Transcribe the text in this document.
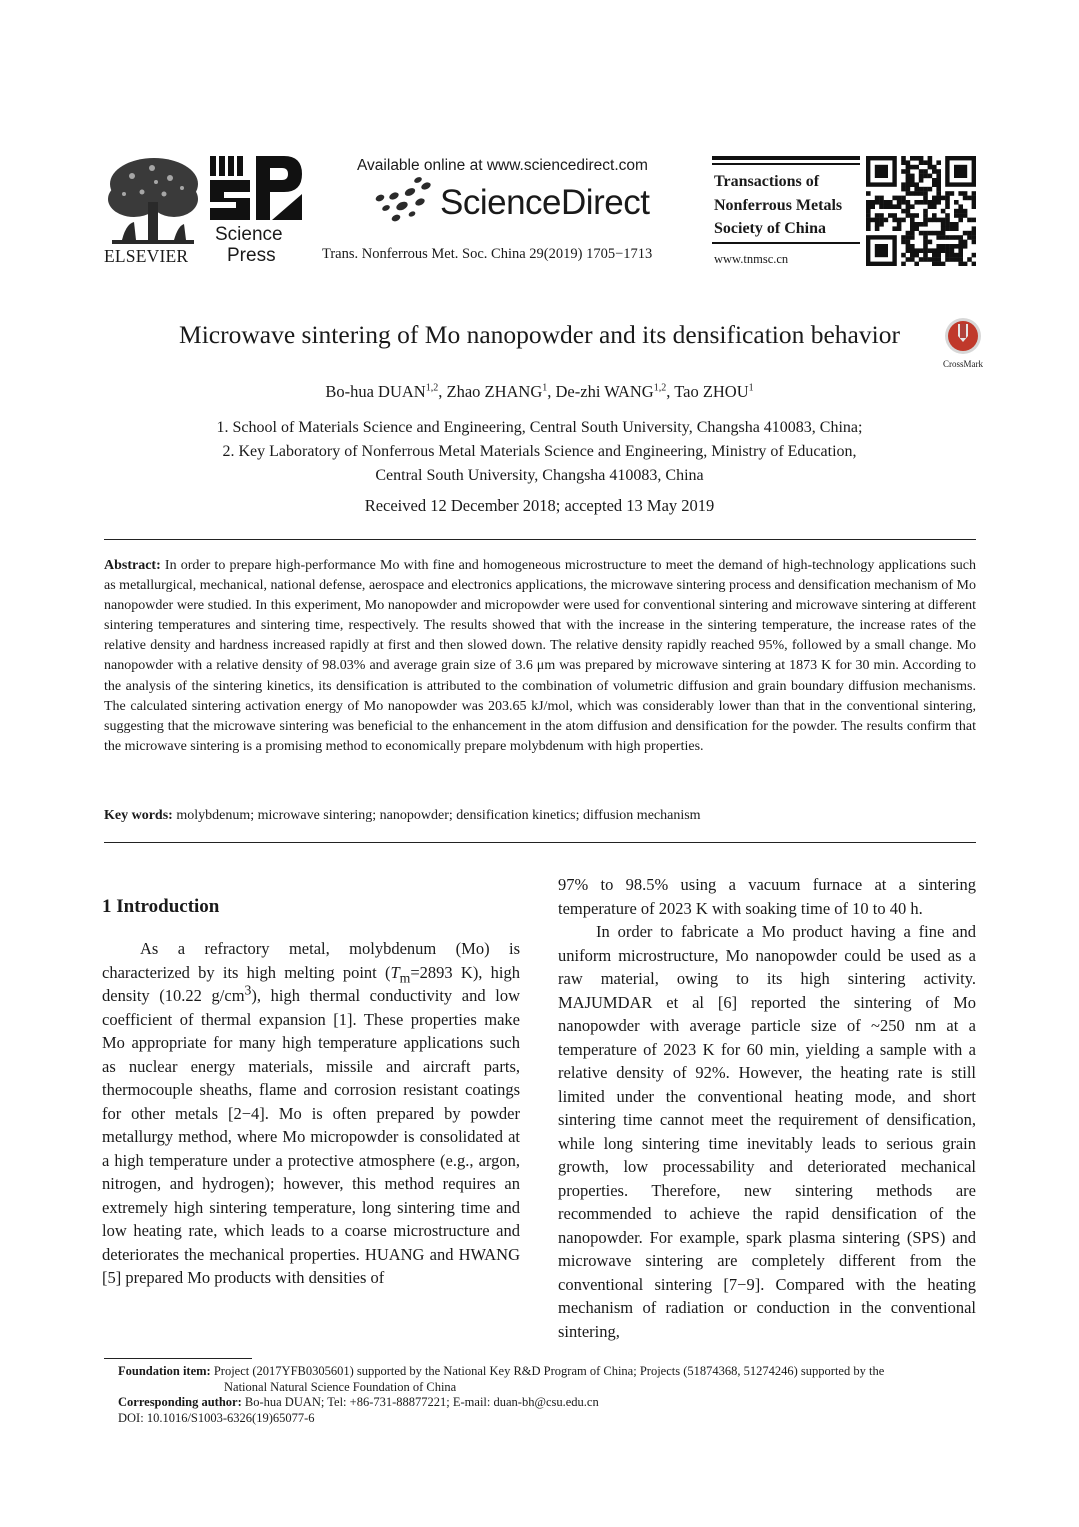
ELSEVIER
Science
Press
Available online at www.sciencedirect.com
ScienceDirect
Trans. Nonferrous Met. Soc. China 29(2019) 1705−1713
Transactions of
Nonferrous Metals
Society of China
www.tnmsc.cn
Microwave sintering of Mo nanopowder and its densification behavior
CrossMark
Bo-hua DUAN$^{1,2}$, Zhao ZHANG$^1$, De-zhi WANG$^{1,2}$, Tao ZHOU$^1$
1. School of Materials Science and Engineering, Central South University, Changsha 410083, China;
2. Key Laboratory of Nonferrous Metal Materials Science and Engineering, Ministry of Education,
Central South University, Changsha 410083, China
Received 12 December 2018; accepted 13 May 2019
Abstract: In order to prepare high-performance Mo with fine and homogeneous microstructure to meet the demand of high-technology applications such as metallurgical, mechanical, national defense, aerospace and electronics applications, the microwave sintering process and densification mechanism of Mo nanopowder were studied. In this experiment, Mo nanopowder and micropowder were used for conventional sintering and microwave sintering at different sintering temperatures and sintering time, respectively. The results showed that with the increase in the sintering temperature, the increase rates of the relative density and hardness increased rapidly at first and then slowed down. The relative density rapidly reached 95%, followed by a small change. Mo nanopowder with a relative density of 98.03% and average grain size of 3.6 μm was prepared by microwave sintering at 1873 K for 30 min. According to the analysis of the sintering kinetics, its densification is attributed to the combination of volumetric diffusion and grain boundary diffusion mechanisms. The calculated sintering activation energy of Mo nanopowder was 203.65 kJ/mol, which was considerably lower than that in the conventional sintering, suggesting that the microwave sintering was beneficial to the enhancement in the atom diffusion and densification for the powder. The results confirm that the microwave sintering is a promising method to economically prepare molybdenum with high properties.
Key words: molybdenum; microwave sintering; nanopowder; densification kinetics; diffusion mechanism
1 Introduction

As a refractory metal, molybdenum (Mo) is characterized by its high melting point ($T_m=2893$ K), high density (10.22 $g/cm^3$), high thermal conductivity and low coefficient of thermal expansion [1]. These properties make Mo appropriate for many high temperature applications such as nuclear energy materials, missile and aircraft parts, thermocouple sheaths, flame and corrosion resistant coatings for other metals [2−4]. Mo is often prepared by powder metallurgy method, where Mo micropowder is consolidated at a high temperature under a protective atmosphere (e.g., argon, nitrogen, and hydrogen); however, this method requires an extremely high sintering temperature, long sintering time and low heating rate, which leads to a coarse microstructure and deteriorates the mechanical properties. HUANG and HWANG [5] prepared Mo products with densities of

97% to 98.5% using a vacuum furnace at a sintering temperature of 2023 K with soaking time of 10 to 40 h.

In order to fabricate a Mo product having a fine and uniform microstructure, Mo nanopowder could be used as a raw material, owing to its high sintering activity. MAJUMDAR et al [6] reported the sintering of Mo nanopowder with average particle size of ~250 nm at a temperature of 2023 K for 60 min, yielding a sample with a relative density of 92%. However, the heating rate is still limited under the conventional heating mode, and short sintering time cannot meet the requirement of densification, while long sintering time inevitably leads to serious grain growth, low processability and deteriorated mechanical properties. Therefore, new sintering methods are recommended to achieve the rapid densification of the nanopowder. For example, spark plasma sintering (SPS) and microwave sintering are completely different from the conventional sintering [7−9]. Compared with the heating mechanism of radiation or conduction in the conventional sintering,

Foundation item: Project (2017YFB0305601) supported by the National Key R&D Program of China; Projects (51874368, 51274246) supported by the
National Natural Science Foundation of China
Corresponding author: Bo-hua DUAN; Tel: +86-731-88877221; E-mail: duan-bh@csu.edu.cn
DOI: 10.1016/S1003-6326(19)65077-6
